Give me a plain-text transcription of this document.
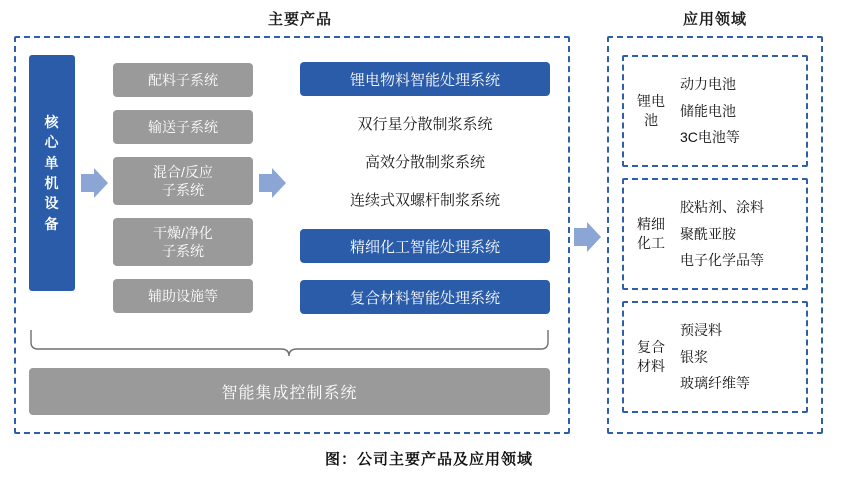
主要产品	应用领域
核
心
单
机
设
备
配料子系统
输送子系统
混合/反应
子系统
干燥/净化
子系统
辅助设施等
锂电物料智能处理系统
双行星分散制浆系统
高效分散制浆系统
连续式双螺杆制浆系统
精细化工智能处理系统
复合材料智能处理系统
智能集成控制系统
锂电
池
动力电池
储能电池
3C电池等
精细
化工
胶粘剂、涂料
聚酰亚胺
电子化学品等
复合
材料
预浸料
银浆
玻璃纤维等
图：公司主要产品及应用领域
